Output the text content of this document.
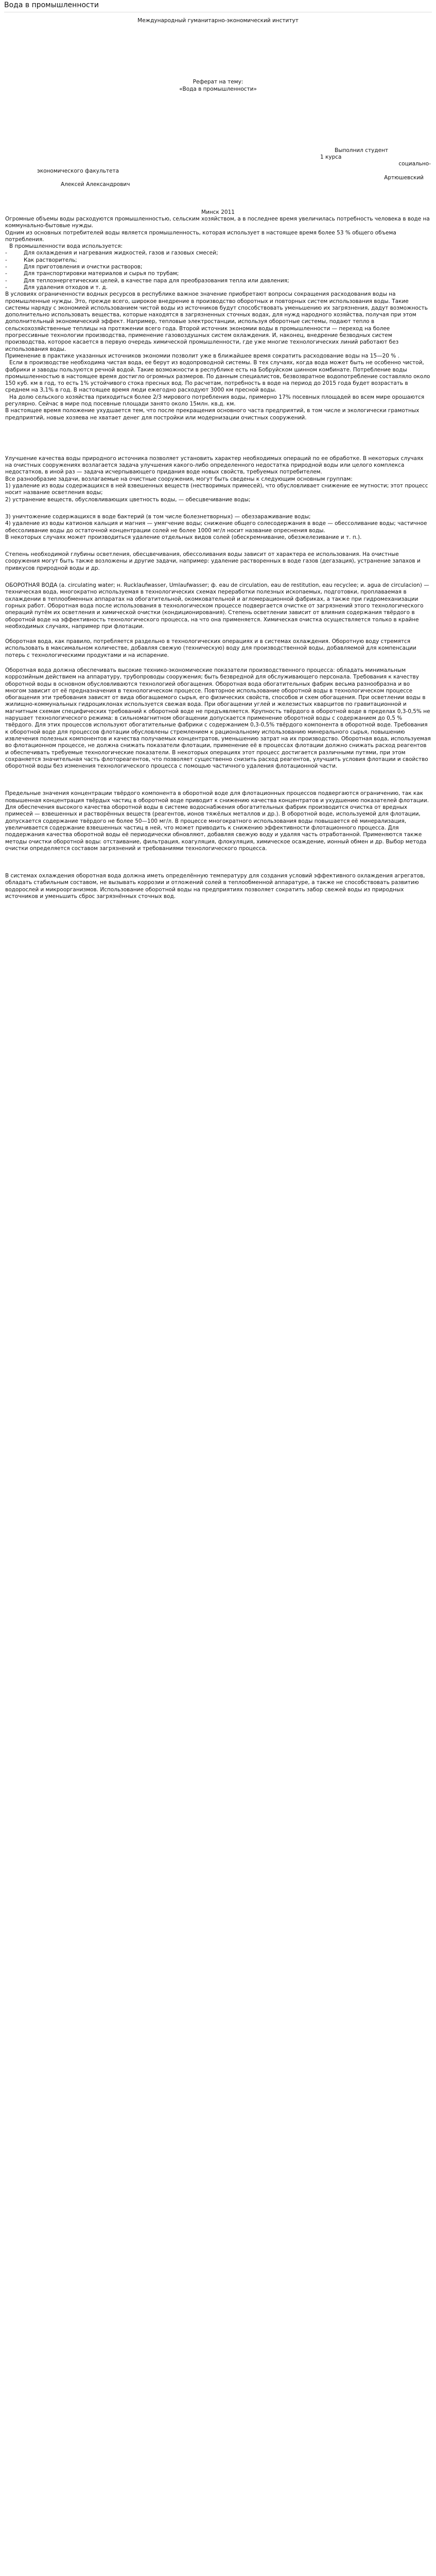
Вода в промышленности

Международный гуманитарно-экономический институт

Реферат на тему:

«Вода в промышленности»

Выполнил студент

1 курса

социально-

экономического факультета

Артюшевский

Алексей Александрович

Минск 2011

Огромные объемы воды расходуются промышленностью, сельским хозяйством, а в последнее время увеличилась потребность человека в воде на коммунально-бытовые нужды.

Одним из основных потребителей воды является промышленность, которая использует в настоящее время более 53 % общего объема потребления.

В промышленности вода используется:

-	Для охлаждения и нагревания жидкостей, газов и газовых смесей;
-	Как растворитель;
-	Для приготовления и очистки растворов;
-	Для транспортировки материалов и сырья по трубам;
-	Для теплоэнергетических целей, в качестве пара для преобразования тепла или давления;
-	Для удаления отходов и т. д.

В условиях ограниченности водных ресурсов в республике важное значение приобретают вопросы сокращения расходования воды на промышленные нужды. Это, прежде всего, широкое внедрение в производство оборотных и повторных систем использования воды. Такие системы наряду с экономией использованием чистой воды из источников будут способствовать уменьшению их загрязнения, дадут возможность дополнительно использовать вещества, которые находятся в загрязненных сточных водах, для нужд народного хозяйства, получая при этом дополнительный экономический эффект. Например, тепловые электростанции, используя оборотные системы, подают тепло в сельскохозяйственные теплицы на протяжении всего года. Второй источник экономии воды в промышленности — переход на более прогрессивные технологии производства, применение газовоздушных систем охлаждения. И, наконец, внедрение безводных систем производства, которое касается в первую очередь химической промышленности, где уже многие технологических линий работают без использования воды.

Применение в практике указанных источников экономии позволит уже в ближайшее время сократить расходование воды на 15—20 % .

Если в производстве необходима чистая вода, ее берут из водопроводной системы. В тех случаях, когда вода может быть не особенно чистой, фабрики и заводы пользуются речной водой. Такие возможности в республике есть на Бобруйском шинном комбинате. Потребление воды промышленностью в настоящее время достигло огромных размеров. По данным специалистов, безвозвратное водопотребление составляло около 150 куб. км в год, то есть 1% устойчивого стока пресных вод. По расчетам, потребность в воде на период до 2015 года будет возрастать в среднем на 3,1% в год. В настоящее время люди ежегодно расходуют 3000 км пресной воды.

На долю сельского хозяйства приходиться более 2/3 мирового потребления воды, примерно 17% посевных площадей во всем мире орошаются регулярно. Сейчас в мире под посевные площади занято около 15млн. кв.д. км.

В настоящее время положение ухудшается тем, что после прекращения основного часта предприятий, в том числе и экологически грамотных предприятий, новые хозяева не хватает денег для постройки или модернизации очистных сооружений.

Улучшение качества воды природного источника позволяет установить характер необходимых операций по ее обработке. В некоторых случаях на очистных сооружениях возлагается задача улучшения какого-либо определенного недостатка природной воды или целого комплекса недостатков, в иной раз — задача исчерпывающего придания воде новых свойств, требуемых потребителем.

Все разнообразие задачи, возлагаемые на очистные сооружения, могут быть сведены к следующим основным группам:

1) удаление из воды содержащихся в ней взвешенных веществ (нестворимых примесей), что обусловливает снижение ее мутности; этот процесс носит название осветления воды;

2) устранение веществ, обусловливающих цветность воды, — обесцвечивание воды;

3) уничтожение содержащихся в воде бактерий (в том числе болезнетворных) — обеззараживание воды;

4) удаление из воды катионов кальция и магния — умягчение воды; снижение общего солесодержания в воде — обессоливание воды; частичное обессоливание воды до остаточной концентрации солей не более 1000 мг/л носит название опреснения воды.

В некоторых случаях может производиться удаление отдельных видов солей (обескремнивание, обезжелезивание и т. п.).

Степень необходимой глубины осветления, обесцвечивания, обессоливания воды зависит от характера ее использования. На очистные сооружения могут быть также возложены и другие задачи, например: удаление растворенных в воде газов (дегазация), устранение запахов и привкусов природной воды и др.

ОБОРОТНАЯ ВОДА (a. circulating water; н. Rucklaufwasser, Umlaufwasser; ф. eau de circulation, eau de restitution, eau recyclee; и. agua de circulacion) — техническая вода, многократно используемая в технологических схемах переработки полезных ископаемых, подготовки, проплаваемая в охлаждении в теплообменных аппаратах на обогатительной, окомковательной и агломерационной фабриках, а также при гидромеханизации горных работ. Оборотная вода после использования в технологическом процессе подвергается очистке от загрязнений этого технологического операций путём их осветления и химической очистки (кондиционирования). Степень осветлении зависит от влияния содержания твёрдого в оборотной воде на эффективность технологического процесса, на что она применяется. Химическая очистка осуществляется только в крайне необходимых случаях, например при флотации.

Оборотная вода, как правило, потребляется раздельно в технологических операциях и в системах охлаждения. Оборотную воду стремятся использовать в максимальном количестве, добавляя свежую (техническую) воду для производственной воды, добавляемой для компенсации потерь с технологическими продуктами и на испарение.

Оборотная вода должна обеспечивать высокие технико-экономические показатели производственного процесса: обладать минимальным коррозийным действием на аппаратуру, трубопроводы сооружения; быть безвредной для обслуживающего персонала. Требования к качеству оборотной воды в основном обусловливаются технологией обогащения. Оборотная вода обогатительных фабрик весьма разнообразна и во многом зависит от её предназначения в технологическом процессе. Повторное использование оборотной воды в технологическом процессе обогащения эти требования зависят от вида обогащаемого сырья, его физических свойств, способов и схем обогащения. При осветлении воды в жилищно-коммунальных гидроциклонах используется свежая вода. При обогащении углей и железистых кварцитов по гравитационной и магнитным схемам специфических требований к оборотной воде не предъявляется. Крупность твёрдого в оборотной воде в пределах 0,3-0,5% не нарушает технологического режима: в сильномагнитном обогащении допускается применение оборотной воды с содержанием до 0,5 % твёрдого. Для этих процессов используют обогатительные фабрики с содержанием 0,3-0,5% твёрдого компонента в оборотной воде. Требования к оборотной воде для процессов флотации обусловлены стремлением к рациональному использованию минерального сырья, повышению извлечения полезных компонентов и качества получаемых концентратов, уменьшению затрат на их производство. Оборотная вода, используемая во флотационном процессе, не должна снижать показатели флотации, применение её в процессах флотации должно снижать расход реагентов и обеспечивать требуемые технологические показатели. В некоторых операциях этот процесс достигается различными путями, при этом сохраняется значительная часть флотореагентов, что позволяет существенно снизить расход реагентов, улучшить условия флотации и свойство оборотной воды без изменения технологического процесса с помощью частичного удаления флотационной части.

Предельные значения концентрации твёрдого компонента в оборотной воде для флотационных процессов подвергаются ограничению, так как повышенная концентрация твёрдых частиц в оборотной воде приводит к снижению качества концентратов и ухудшению показателей флотации. Для обеспечения высокого качества оборотной воды в системе водоснабжения обогатительных фабрик производится очистка от вредных примесей — взвешенных и растворённых веществ (реагентов, ионов тяжёлых металлов и др.). В оборотной воде, используемой для флотации, допускается содержание твёрдого не более 50—100 мг/л. В процессе многократного использования воды повышается её минерализация, увеличивается содержание взвешенных частиц в ней, что может приводить к снижению эффективности флотационного процесса. Для поддержания качества оборотной воды её периодически обновляют, добавляя свежую воду и удаляя часть отработанной. Применяются также методы очистки оборотной воды: отстаивание, фильтрация, коагуляция, флокуляция, химическое осаждение, ионный обмен и др. Выбор метода очистки определяется составом загрязнений и требованиями технологического процесса.

В системах охлаждения оборотная вода должна иметь определённую температуру для создания условий эффективного охлаждения агрегатов, обладать стабильным составом, не вызывать коррозии и отложений солей в теплообменной аппаратуре, а также не способствовать развитию водорослей и микроорганизмов. Использование оборотной воды на предприятиях позволяет сократить забор свежей воды из природных источников и уменьшить сброс загрязнённых сточных вод.
